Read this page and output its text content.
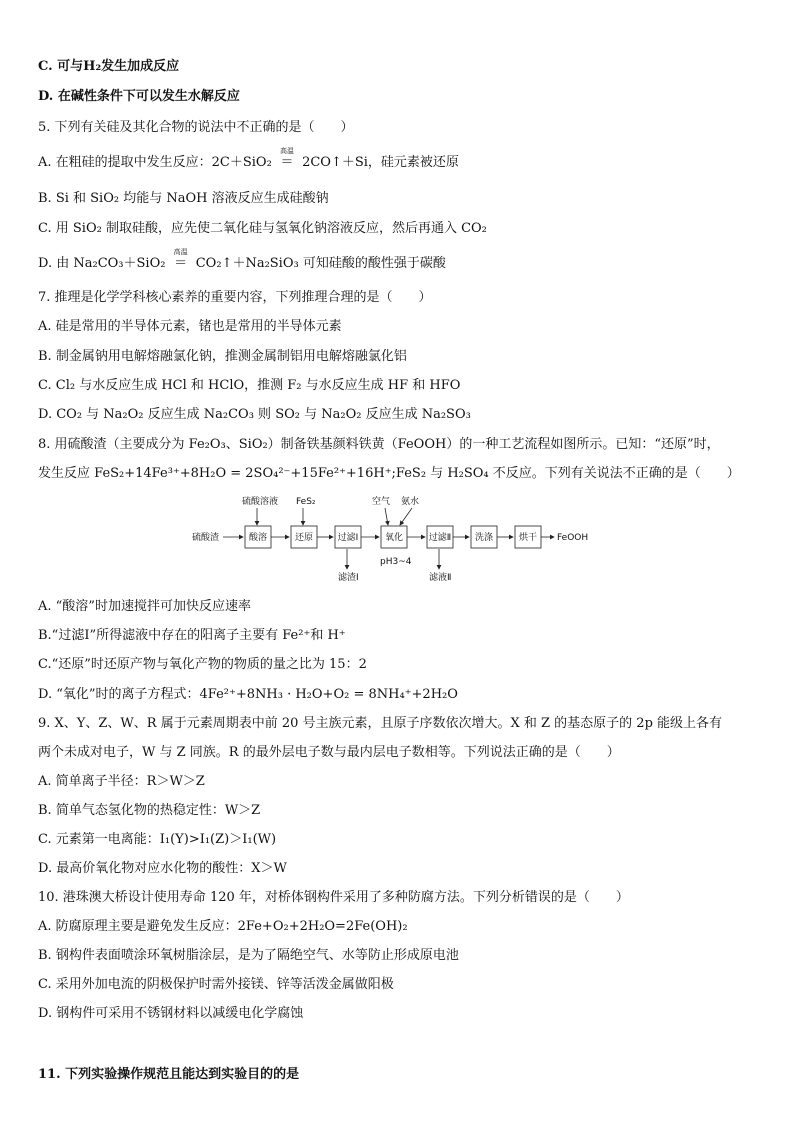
C. 可与H₂发生加成反应
D. 在碱性条件下可以发生水解反应
5. 下列有关硅及其化合物的说法中不正确的是（　　）
A. 在粗硅的提取中发生反应：2C＋SiO₂
高温
＝ 2CO↑＋Si，硅元素被还原
B. Si 和 SiO₂ 均能与 NaOH 溶液反应生成硅酸钠
C. 用 SiO₂ 制取硅酸，应先使二氧化硅与氢氧化钠溶液反应，然后再通入 CO₂
D. 由 Na₂CO₃＋SiO₂
高温
＝ CO₂↑＋Na₂SiO₃ 可知硅酸的酸性强于碳酸
7. 推理是化学学科核心素养的重要内容，下列推理合理的是（　　）
A. 硅是常用的半导体元素，锗也是常用的半导体元素
B. 制金属钠用电解熔融氯化钠，推测金属制铝用电解熔融氯化铝
C. Cl₂ 与水反应生成 HCl 和 HClO，推测 F₂ 与水反应生成 HF 和 HFO
D. CO₂ 与 Na₂O₂ 反应生成 Na₂CO₃ 则 SO₂ 与 Na₂O₂ 反应生成 Na₂SO₃
8. 用硫酸渣（主要成分为 Fe₂O₃、SiO₂）制备铁基颜料铁黄（FeOOH）的一种工艺流程如图所示。已知：“还原”时，
发生反应 FeS₂+14Fe³⁺+8H₂O = 2SO₄²⁻+15Fe²⁺+16H⁺;FeS₂ 与 H₂SO₄ 不反应。下列有关说法不正确的是（　　）
硫酸渣	FeOOH
硫酸溶液 FeS₂	空气 氨水
pH3~4
滤渣Ⅰ	滤液Ⅱ
酸溶	还原	过滤Ⅰ	氧化	过滤Ⅱ	洗涤	烘干
A. “酸溶”时加速搅拌可加快反应速率
B.“过滤Ⅰ”所得滤液中存在的阳离子主要有 Fe²⁺和 H⁺
C.“还原”时还原产物与氧化产物的物质的量之比为 15：2
D. “氧化”时的离子方程式：4Fe²⁺+8NH₃ · H₂O+O₂ = 8NH₄⁺+2H₂O
9. X、Y、Z、W、R 属于元素周期表中前 20 号主族元素，且原子序数依次增大。X 和 Z 的基态原子的 2p 能级上各有
两个未成对电子，W 与 Z 同族。R 的最外层电子数与最内层电子数相等。下列说法正确的是（　　）
A. 简单离子半径：R＞W＞Z
B. 简单气态氢化物的热稳定性：W＞Z
C. 元素第一电离能：I₁(Y)>I₁(Z)＞I₁(W)
D. 最高价氧化物对应水化物的酸性：X＞W
10. 港珠澳大桥设计使用寿命 120 年，对桥体钢构件采用了多种防腐方法。下列分析错误的是（　　）
A. 防腐原理主要是避免发生反应：2Fe+O₂+2H₂O=2Fe(OH)₂
B. 钢构件表面喷涂环氧树脂涂层，是为了隔绝空气、水等防止形成原电池
C. 采用外加电流的阴极保护时需外接镁、锌等活泼金属做阳极
D. 钢构件可采用不锈钢材料以减缓电化学腐蚀
11. 下列实验操作规范且能达到实验目的的是
